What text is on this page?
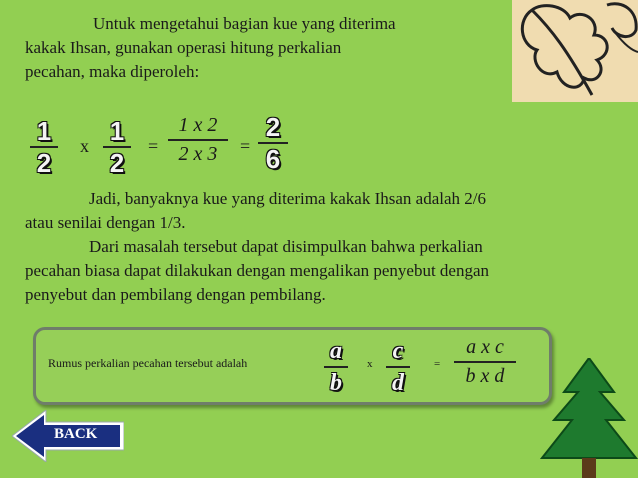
Untuk mengetahui bagian kue yang diterima
kakak Ihsan, gunakan operasi hitung perkalian
pecahan, maka diperoleh:
1
2
x 1
2
=
1 x 2
2 x 3	=
2
6
Jadi, banyaknya kue yang diterima kakak Ihsan adalah 2/6
atau senilai dengan 1/3.
Dari masalah tersebut dapat disimpulkan bahwa perkalian
pecahan biasa dapat dilakukan dengan mengalikan penyebut dengan
penyebut dan pembilang dengan pembilang.
Rumus perkalian pecahan tersebut adalah	a
b
x c
d
=
a x c
b x d
BACK
